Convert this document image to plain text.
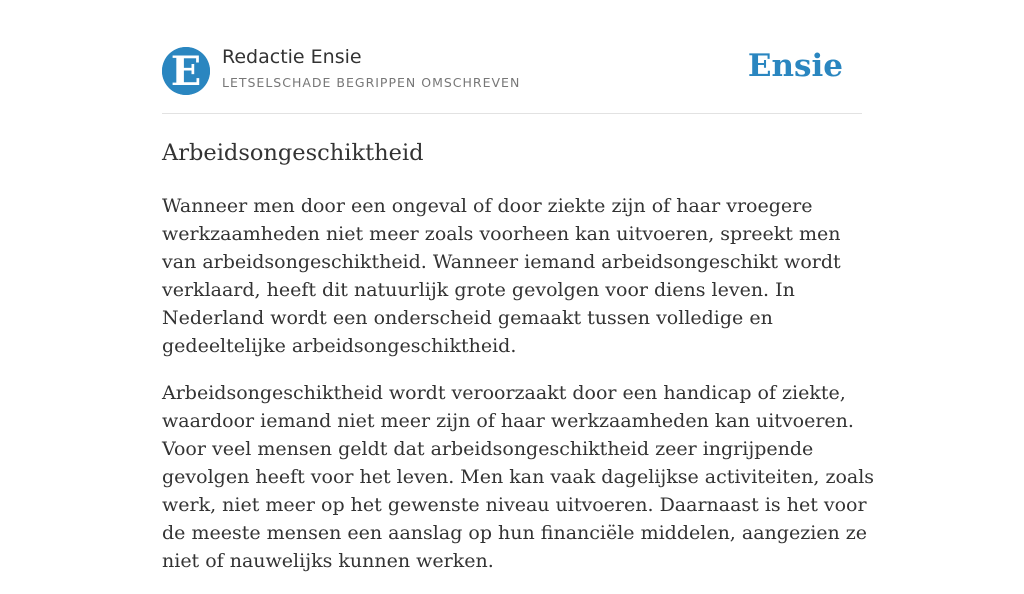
E Redactie Ensie
LETSELSCHADE BEGRIPPEN OMSCHREVEN	Ensie
Arbeidsongeschiktheid

Wanneer men door een ongeval of door ziekte zijn of haar vroegere werkzaamheden niet meer zoals voorheen kan uitvoeren, spreekt men van arbeidsongeschiktheid. Wanneer iemand arbeidsongeschikt wordt verklaard, heeft dit natuurlijk grote gevolgen voor diens leven. In Nederland wordt een onderscheid gemaakt tussen volledige en gedeeltelijke arbeidsongeschiktheid.

Arbeidsongeschiktheid wordt veroorzaakt door een handicap of ziekte, waardoor iemand niet meer zijn of haar werkzaamheden kan uitvoeren. Voor veel mensen geldt dat arbeidsongeschiktheid zeer ingrijpende gevolgen heeft voor het leven. Men kan vaak dagelijkse activiteiten, zoals werk, niet meer op het gewenste niveau uitvoeren. Daarnaast is het voor de meeste mensen een aanslag op hun financiële middelen, aangezien ze niet of nauwelijks kunnen werken.
